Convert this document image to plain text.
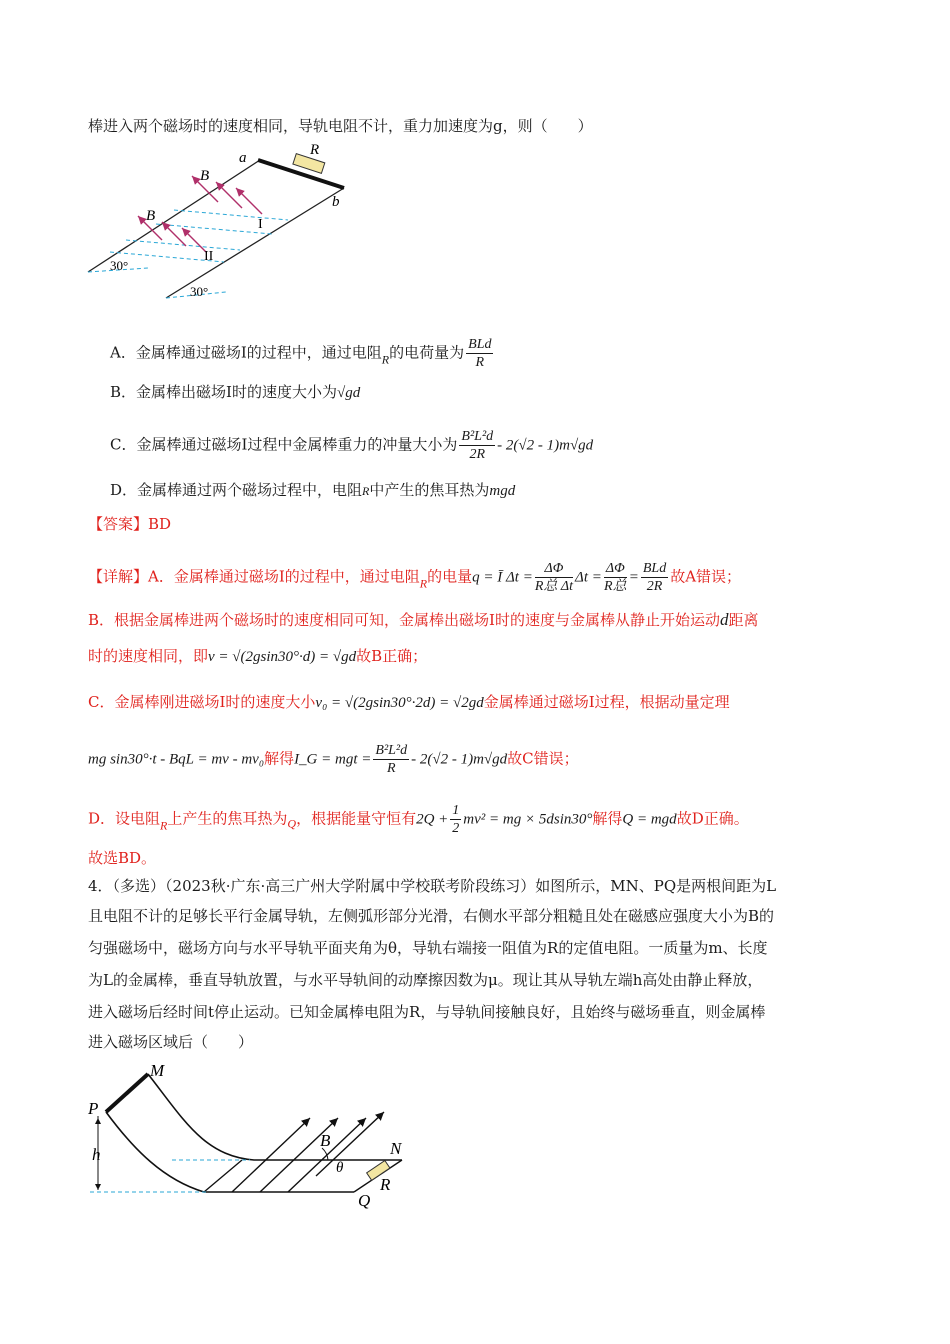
棒进入两个磁场时的速度相同，导轨电阻不计，重力加速度为g，则（　　）
a	R
b
B
B
I
II
30°
30°
A．金属棒通过磁场Ⅰ的过程中，通过电阻$_R$的电荷量为 $\frac{\text{BLd}}{R}$
B．金属棒出磁场Ⅰ时的速度大小为√gd
C．金属棒通过磁场Ⅰ过程中金属棒重力的冲量大小为 $\frac{\text{B²L²d}}{2R} - 2(√2 - 1)m√gd$
D．金属棒通过两个磁场过程中，电阻R中产生的焦耳热为mgd
【答案】BD
【详解】A．金属棒通过磁场Ⅰ的过程中，通过电阻$_R$的电量q = Ī $\Delta t = \frac{\Delta\Phi}{\text{R总 Δt}}$ $\Delta t = \frac{\Delta\Phi}{\text{R总}} = \frac{\text{BLd}}{2R}$ 故A错误；
B．根据金属棒进两个磁场时的速度相同可知，金属棒出磁场Ⅰ时的速度与金属棒从静止开始运动d距离
时的速度相同，即v = √(2gsin30°·d) = √gd故B正确；
C．金属棒刚进磁场Ⅰ时的速度大小v₀ = √(2gsin30°·2d) = √2gd金属棒通过磁场Ⅰ过程，根据动量定理
mg sin30°·t - BqL = mv - mv₀解得I_G = mgt = $\frac{\text{B²L²d}}{R} - 2(√2 - 1)m√gd$故C错误；
D．设电阻$_R$上产生的焦耳热为$_Q$，根据能量守恒有$2Q + \frac{1}{2} mv^2$ = mg × 5dsin30°解得Q = mgd故D正确。
故选BD。
4．（多选）（2023秋·广东·高三广州大学附属中学校联考阶段练习）如图所示，MN、PQ是两根间距为L
且电阻不计的足够长平行金属导轨，左侧弧形部分光滑，右侧水平部分粗糙且处在磁感应强度大小为B的
匀强磁场中，磁场方向与水平导轨平面夹角为θ，导轨右端接一阻值为R的定值电阻。一质量为m、长度
为L的金属棒，垂直导轨放置，与水平导轨间的动摩擦因数为μ。现让其从导轨左端h高处由静止释放，
进入磁场后经时间t停止运动。已知金属棒电阻为R，与导轨间接触良好，且始终与磁场垂直，则金属棒
进入磁场区域后（　　）
P
M
h
B	N
θ
Q
R
